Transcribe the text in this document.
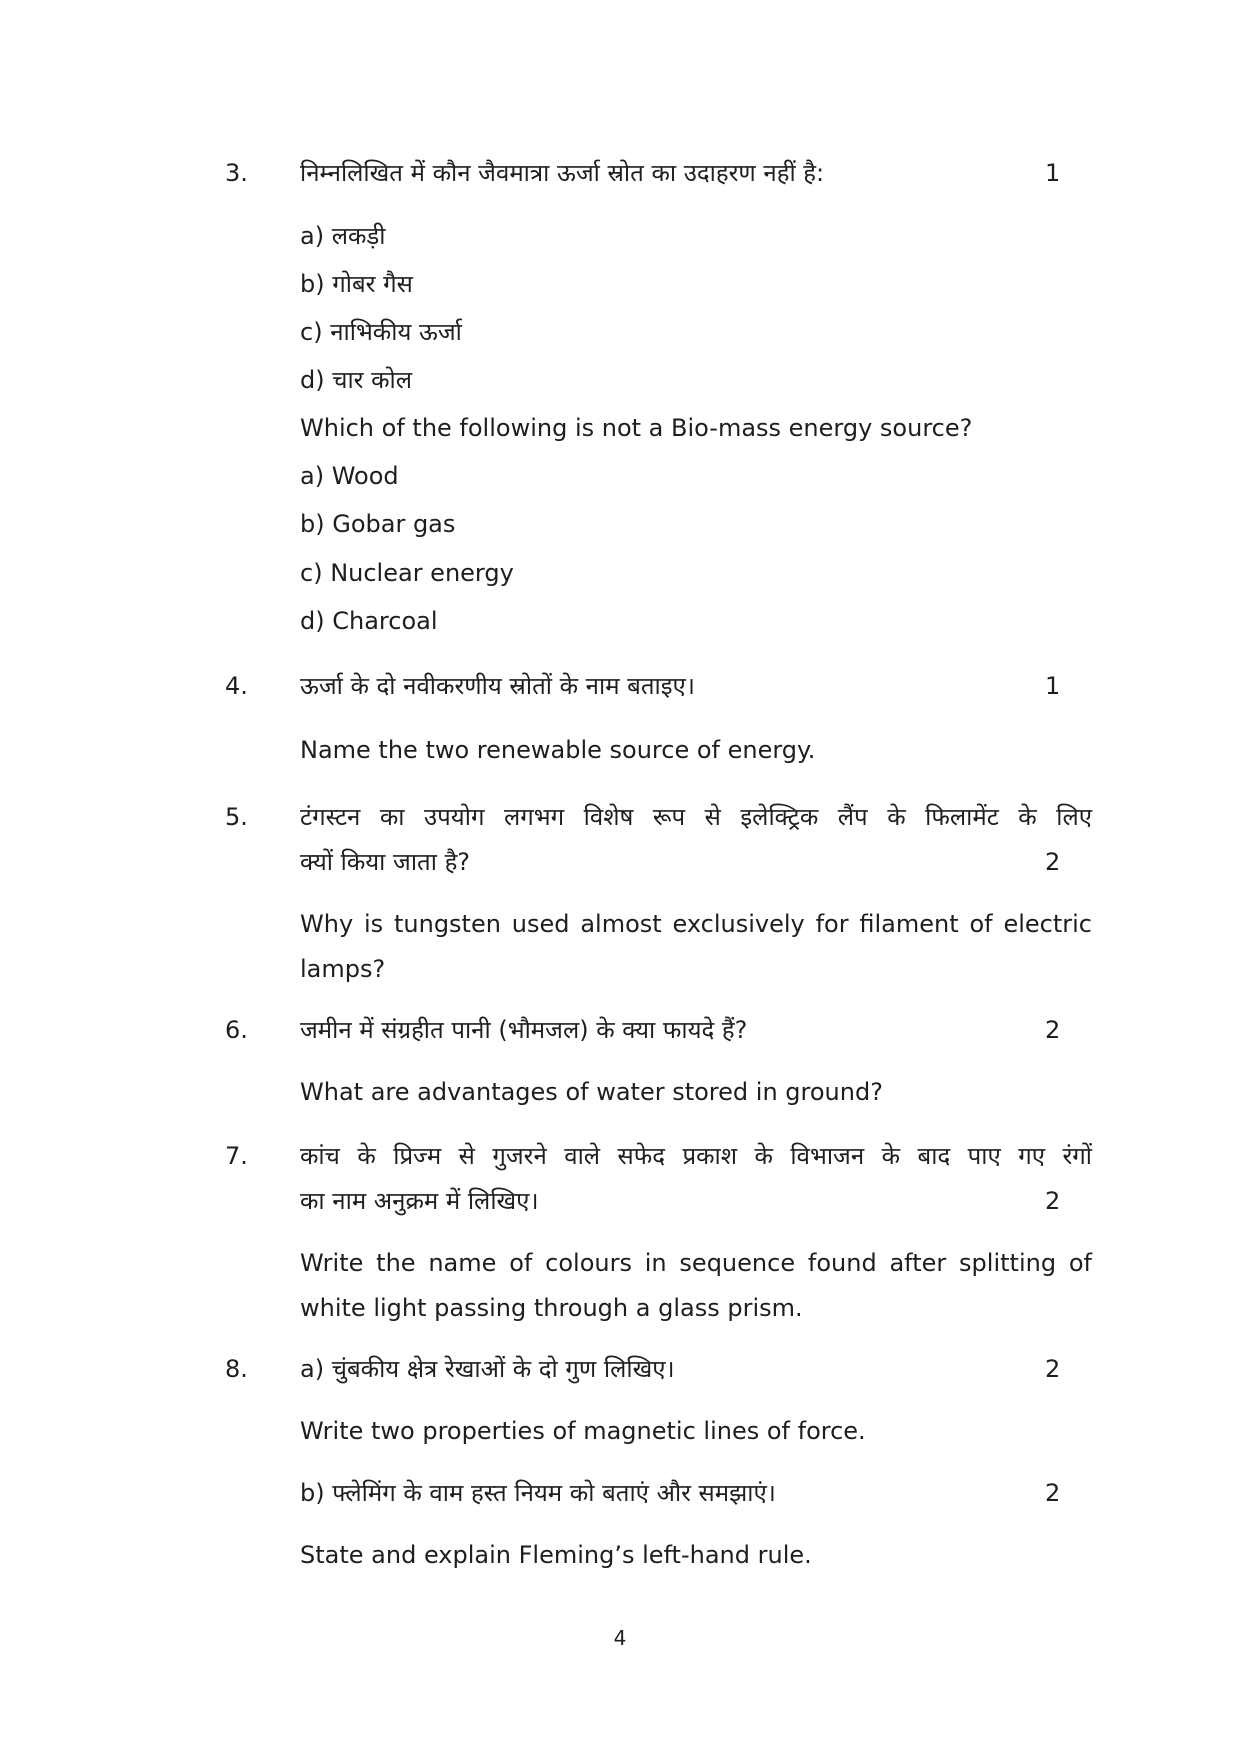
3. निम्नलिखित में कौन जैवमात्रा ऊर्जा स्रोत का उदाहरण नहीं है:	1
a) लकड़ी
b) गोबर गैस
c) नाभिकीय ऊर्जा
d) चार कोल
Which of the following is not a Bio-mass energy source?
a) Wood
b) Gobar gas
c) Nuclear energy
d) Charcoal
4. ऊर्जा के दो नवीकरणीय स्रोतों के नाम बताइए।	1
Name the two renewable source of energy.
5. टंगस्टन का उपयोग लगभग विशेष रूप से इलेक्ट्रिक लैंप के फिलामेंट के लिए
क्यों किया जाता है?	2
Why is tungsten used almost exclusively for filament of electric
lamps?
6. जमीन में संग्रहीत पानी (भौमजल) के क्या फायदे हैं?	2
What are advantages of water stored in ground?
7. कांच के प्रिज्म से गुजरने वाले सफेद प्रकाश के विभाजन के बाद पाए गए रंगों
का नाम अनुक्रम में लिखिए।	2
Write the name of colours in sequence found after splitting of
white light passing through a glass prism.
8. a) चुंबकीय क्षेत्र रेखाओं के दो गुण लिखिए।	2
Write two properties of magnetic lines of force.
b) फ्लेमिंग के वाम हस्त नियम को बताएं और समझाएं।	2
State and explain Fleming’s left-hand rule.
4
